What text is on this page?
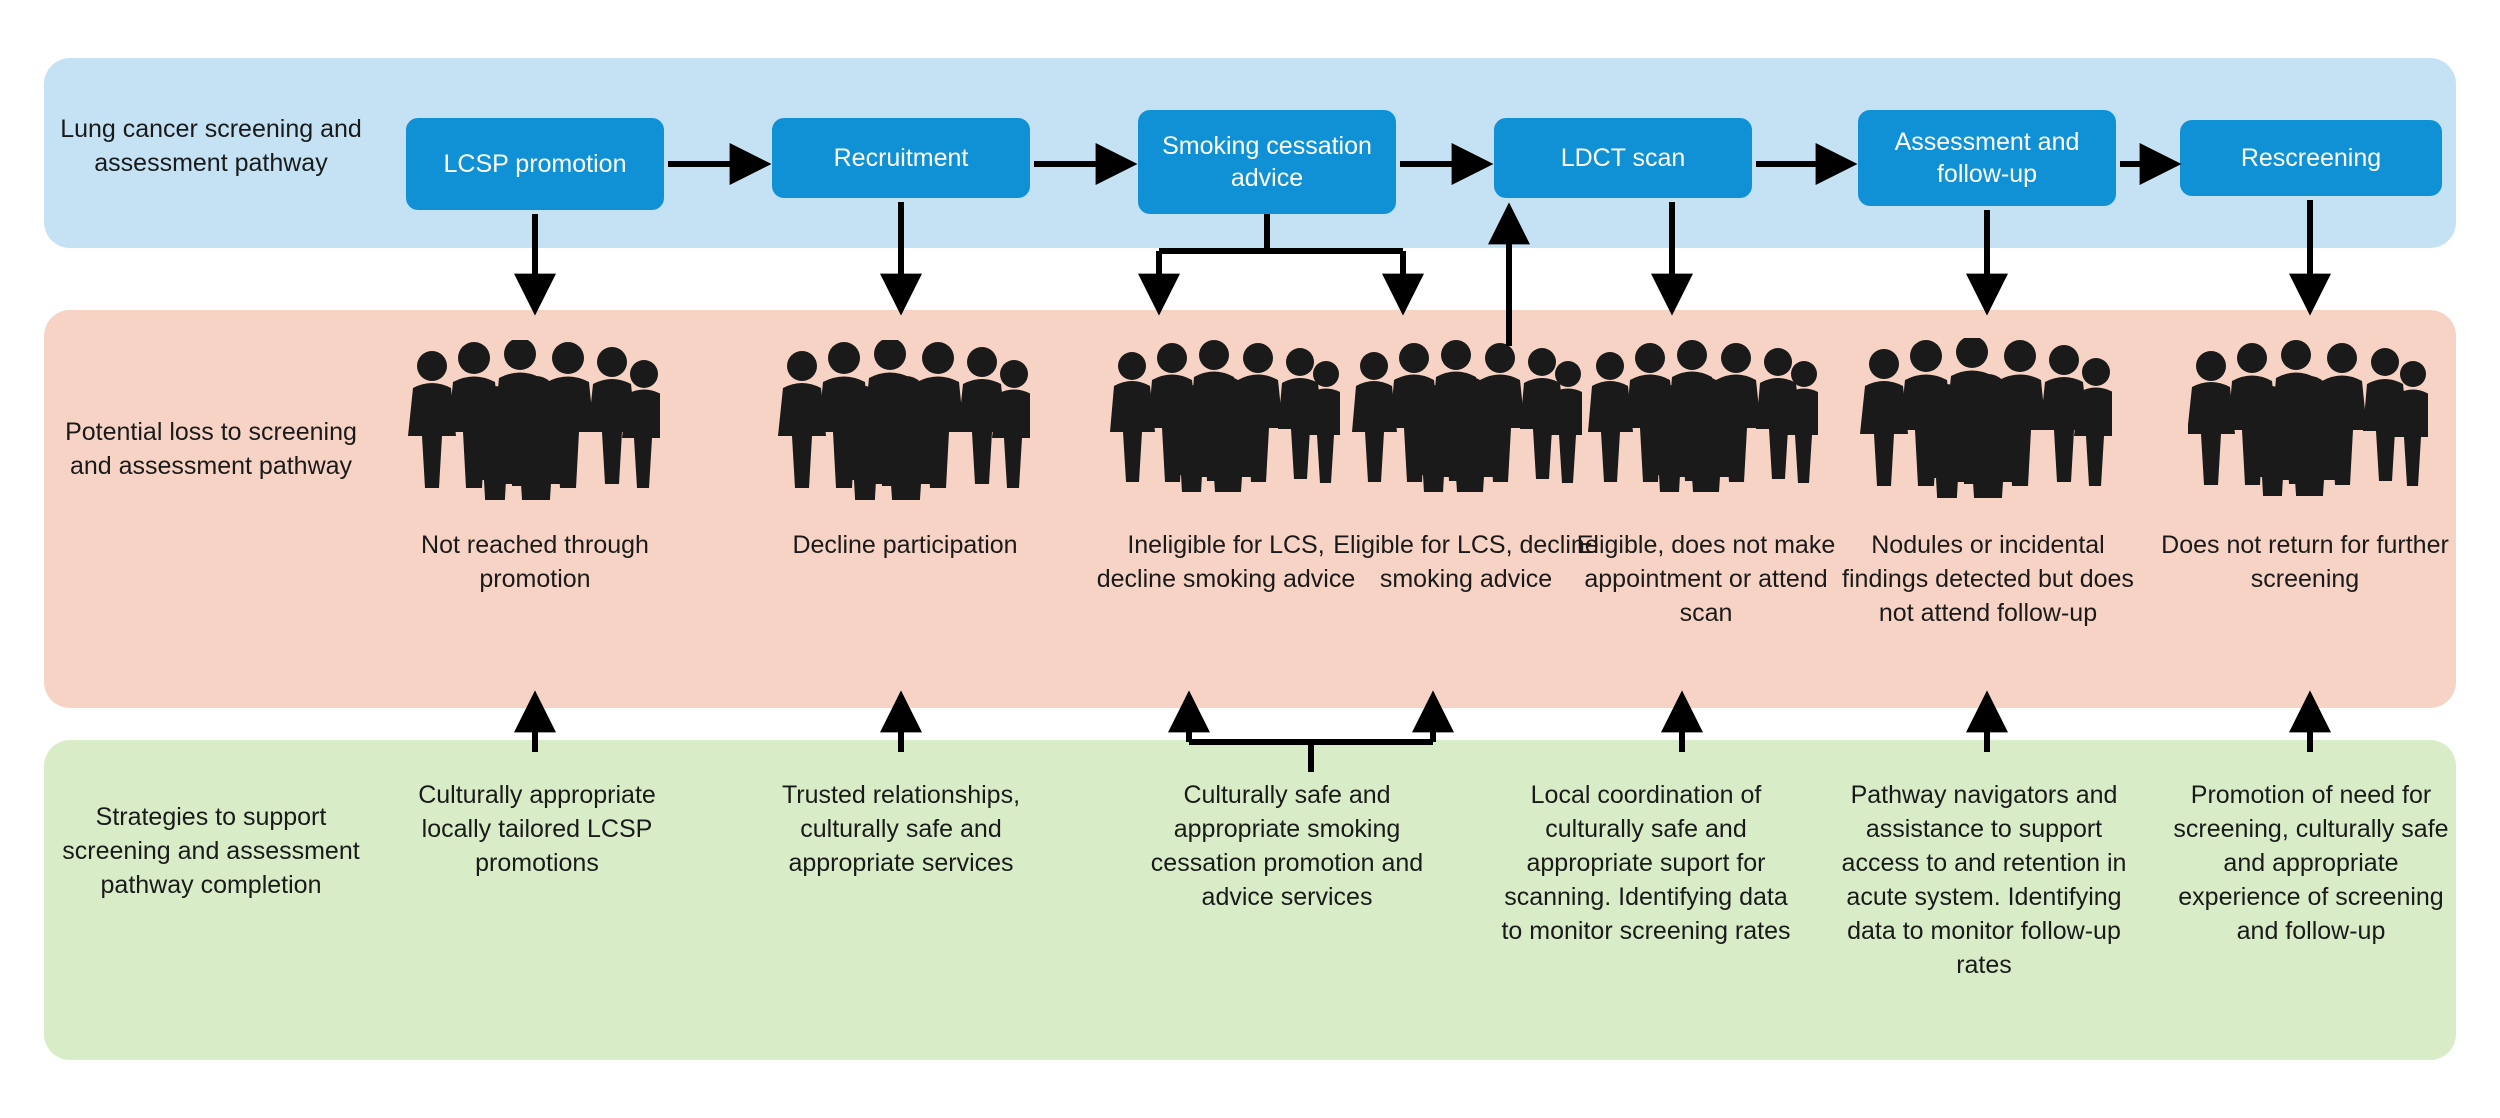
Lung cancer screening and assessment pathway
Potential loss to screening and assessment pathway
Strategies to support screening and assessment pathway completion
LCSP promotion	Recruitment	Smoking cessation advice
LDCT scan
Assessment and follow-up
Rescreening
Not reached through promotion
Decline participation	Ineligible for LCS, decline smoking advice
Eligible for LCS, decline smoking advice
Eligible, does not make appointment or attend scan
Nodules or incidental findings detected but does not attend follow-up
Does not return for further screening
Culturally appropriate locally tailored LCSP promotions
Trusted relationships, culturally safe and appropriate services
Culturally safe and appropriate smoking cessation promotion and advice services
Local coordination of culturally safe and appropriate suport for scanning. Identifying data to monitor screening rates
Pathway navigators and assistance to support access to and retention in acute system. Identifying data to monitor follow-up rates
Promotion of need for screening, culturally safe and appropriate experience of screening and follow-up
